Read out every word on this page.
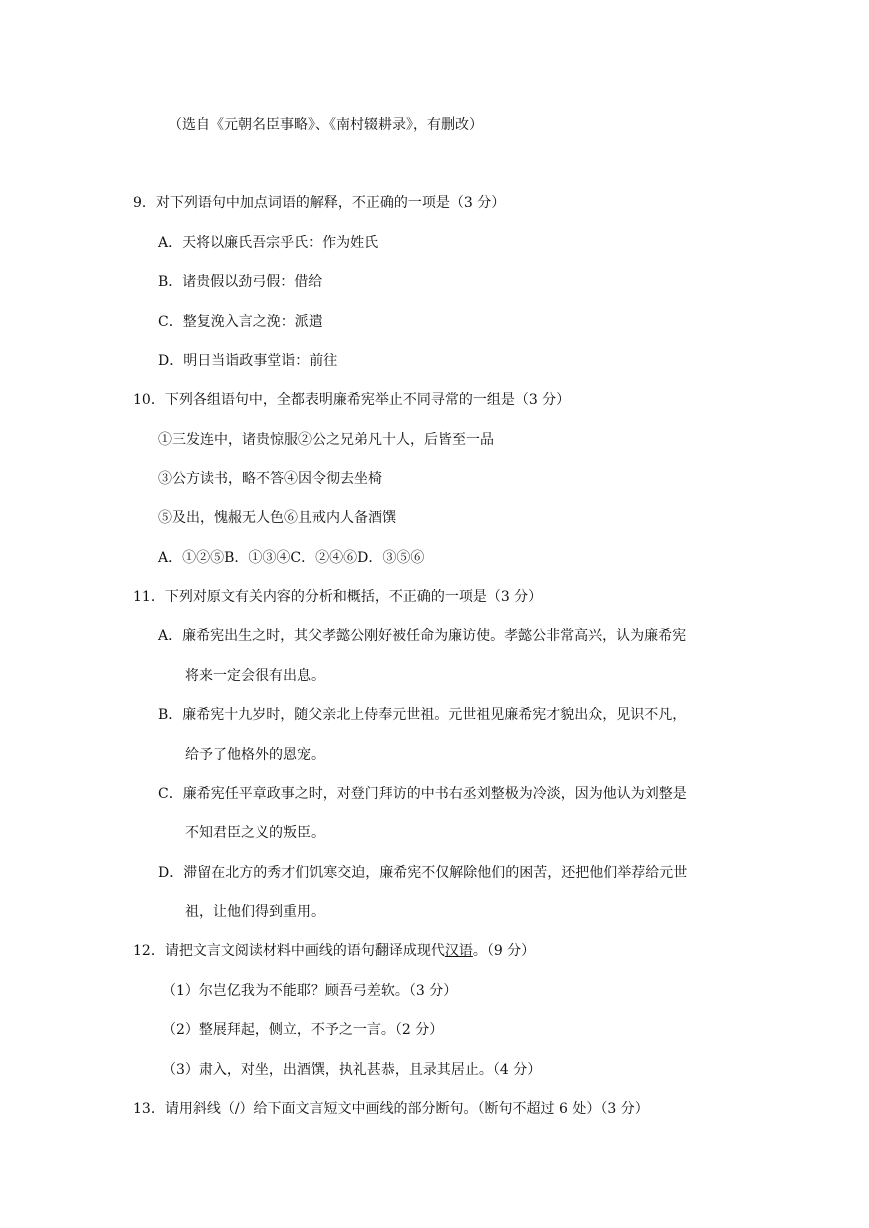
（选自《元朝名臣事略》、《南村辍耕录》，有删改）
9．对下列语句中加点词语的解释，不正确的一项是（3 分）
A．天将以廉氏吾宗乎氏：作为姓氏
B．诸贵假以劲弓假：借给
C．整复浼入言之浼：派遣
D．明日当诣政事堂诣：前往
10．下列各组语句中，全都表明廉希宪举止不同寻常的一组是（3 分）
①三发连中，诸贵惊服②公之兄弟凡十人，后皆至一品
③公方读书，略不答④因令彻去坐椅
⑤及出，愧赧无人色⑥且戒内人备酒馔
A．①②⑤B．①③④C．②④⑥D．③⑤⑥
11．下列对原文有关内容的分析和概括，不正确的一项是（3 分）
A．廉希宪出生之时，其父孝懿公刚好被任命为廉访使。孝懿公非常高兴，认为廉希宪
将来一定会很有出息。
B．廉希宪十九岁时，随父亲北上侍奉元世祖。元世祖见廉希宪才貌出众，见识不凡，
给予了他格外的恩宠。
C．廉希宪任平章政事之时，对登门拜访的中书右丞刘整极为冷淡，因为他认为刘整是
不知君臣之义的叛臣。
D．滞留在北方的秀才们饥寒交迫，廉希宪不仅解除他们的困苦，还把他们举荐给元世
祖，让他们得到重用。
12．请把文言文阅读材料中画线的语句翻译成现代汉语。（9 分）
（1）尔岂亿我为不能耶？顾吾弓差软。（3 分）
（2）整展拜起，侧立，不予之一言。（2 分）
（3）肃入，对坐，出酒馔，执礼甚恭，且录其居止。（4 分）
13．请用斜线（/）给下面文言短文中画线的部分断句。（断句不超过 6 处）（3 分）
